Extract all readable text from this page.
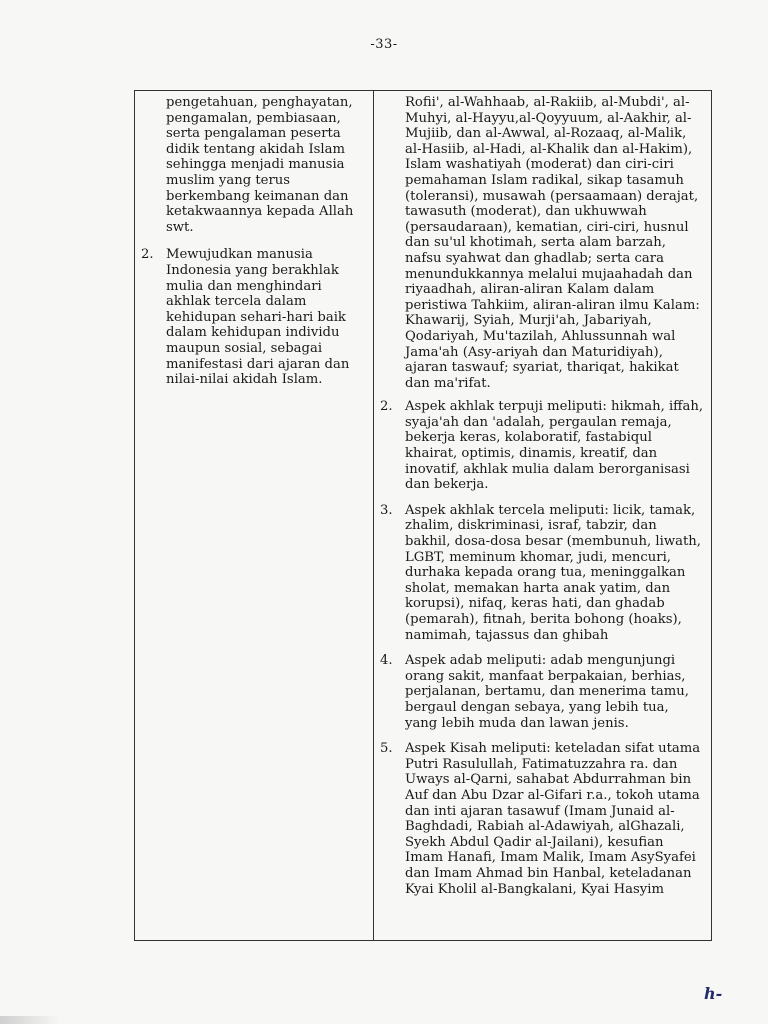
-33-
pengetahuan, penghayatan, pengamalan, pembiasaan, serta pengalaman peserta didik tentang akidah Islam sehingga menjadi manusia muslim yang terus berkembang keimanan dan ketakwaannya kepada Allah swt.
2. Mewujudkan manusia Indonesia yang berakhlak mulia dan menghindari akhlak tercela dalam kehidupan sehari-hari baik dalam kehidupan individu maupun sosial, sebagai manifestasi dari ajaran dan nilai-nilai akidah Islam.

Rofii', al-Wahhaab, al-Rakiib, al-Mubdi', al-Muhyi, al-Hayyu,al-Qoyyuum, al-Aakhir, al-Mujiib, dan al-Awwal, al-Rozaaq, al-Malik, al-Hasiib, al-Hadi, al-Khalik dan al-Hakim), Islam washatiyah (moderat) dan ciri-ciri pemahaman Islam radikal, sikap tasamuh (toleransi), musawah (persaamaan) derajat, tawasuth (moderat), dan ukhuwwah (persaudaraan), kematian, ciri-ciri, husnul dan su'ul khotimah, serta alam barzah, nafsu syahwat dan ghadlab; serta cara menundukkannya melalui mujaahadah dan riyaadhah, aliran-aliran Kalam dalam peristiwa Tahkiim, aliran-aliran ilmu Kalam: Khawarij, Syiah, Murji'ah, Jabariyah, Qodariyah, Mu'tazilah, Ahlussunnah wal Jama'ah (Asy-ariyah dan Maturidiyah), ajaran taswauf; syariat, thariqat, hakikat dan ma'rifat.
2. Aspek akhlak terpuji meliputi: hikmah, iffah, syaja'ah dan 'adalah, pergaulan remaja, bekerja keras, kolaboratif, fastabiqul khairat, optimis, dinamis, kreatif, dan inovatif, akhlak mulia dalam berorganisasi dan bekerja.
3. Aspek akhlak tercela meliputi: licik, tamak, zhalim, diskriminasi, israf, tabzir, dan bakhil, dosa-dosa besar (membunuh, liwath, LGBT, meminum khomar, judi, mencuri, durhaka kepada orang tua, meninggalkan sholat, memakan harta anak yatim, dan korupsi), nifaq, keras hati, dan ghadab (pemarah), fitnah, berita bohong (hoaks), namimah, tajassus dan ghibah
4. Aspek adab meliputi: adab mengunjungi orang sakit, manfaat berpakaian, berhias, perjalanan, bertamu, dan menerima tamu, bergaul dengan sebaya, yang lebih tua, yang lebih muda dan lawan jenis.
5. Aspek Kisah meliputi: keteladan sifat utama Putri Rasulullah, Fatimatuzzahra ra. dan Uways al-Qarni, sahabat Abdurrahman bin Auf dan Abu Dzar al-Gifari r.a., tokoh utama dan inti ajaran tasawuf (Imam Junaid al-Baghdadi, Rabiah al-Adawiyah, alGhazali, Syekh Abdul Qadir al-Jailani), kesufian Imam Hanafi, Imam Malik, Imam AsySyafei dan Imam Ahmad bin Hanbal, keteladanan Kyai Kholil al-Bangkalani, Kyai Hasyim
h-
